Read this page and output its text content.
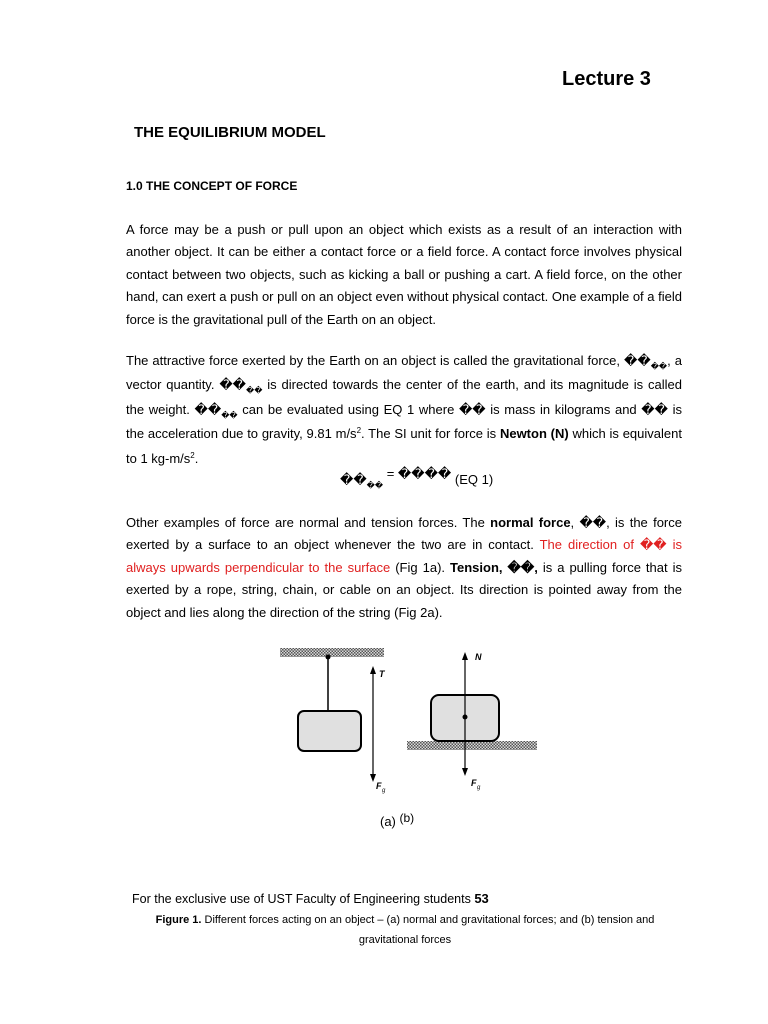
Lecture 3
THE EQUILIBRIUM MODEL
1.0 THE CONCEPT OF FORCE
A force may be a push or pull upon an object which exists as a result of an interaction with another object. It can be either a contact force or a field force. A contact force involves physical contact between two objects, such as kicking a ball or pushing a cart. A field force, on the other hand, can exert a push or pull on an object even without physical contact. One example of a field force is the gravitational pull of the Earth on an object.
The attractive force exerted by the Earth on an object is called the gravitational force, $��_{��}$, a vector quantity. $��_{��}$ is directed towards the center of the earth, and its magnitude is called the weight. $��_{��}$ can be evaluated using EQ 1 where �� is mass in kilograms and �� is the acceleration due to gravity, 9.81 $m/s^2$. The SI unit for force is Newton (N) which is equivalent to 1 $kg-m/s^2$.
$��_{��}$ = ���� (EQ 1)
Other examples of force are normal and tension forces. The normal force, ��, is the force exerted by a surface to an object whenever the two are in contact. The direction of �� is always upwards perpendicular to the surface (Fig 1a). Tension, ��, is a pulling force that is exerted by a rope, string, chain, or cable on an object. Its direction is pointed away from the object and lies along the direction of the string (Fig 2a).
T
F g
N
F g
(a) (b)
For the exclusive use of UST Faculty of Engineering students 53
Figure 1. Different forces acting on an object – (a) normal and gravitational forces; and (b) tension and gravitational forces
